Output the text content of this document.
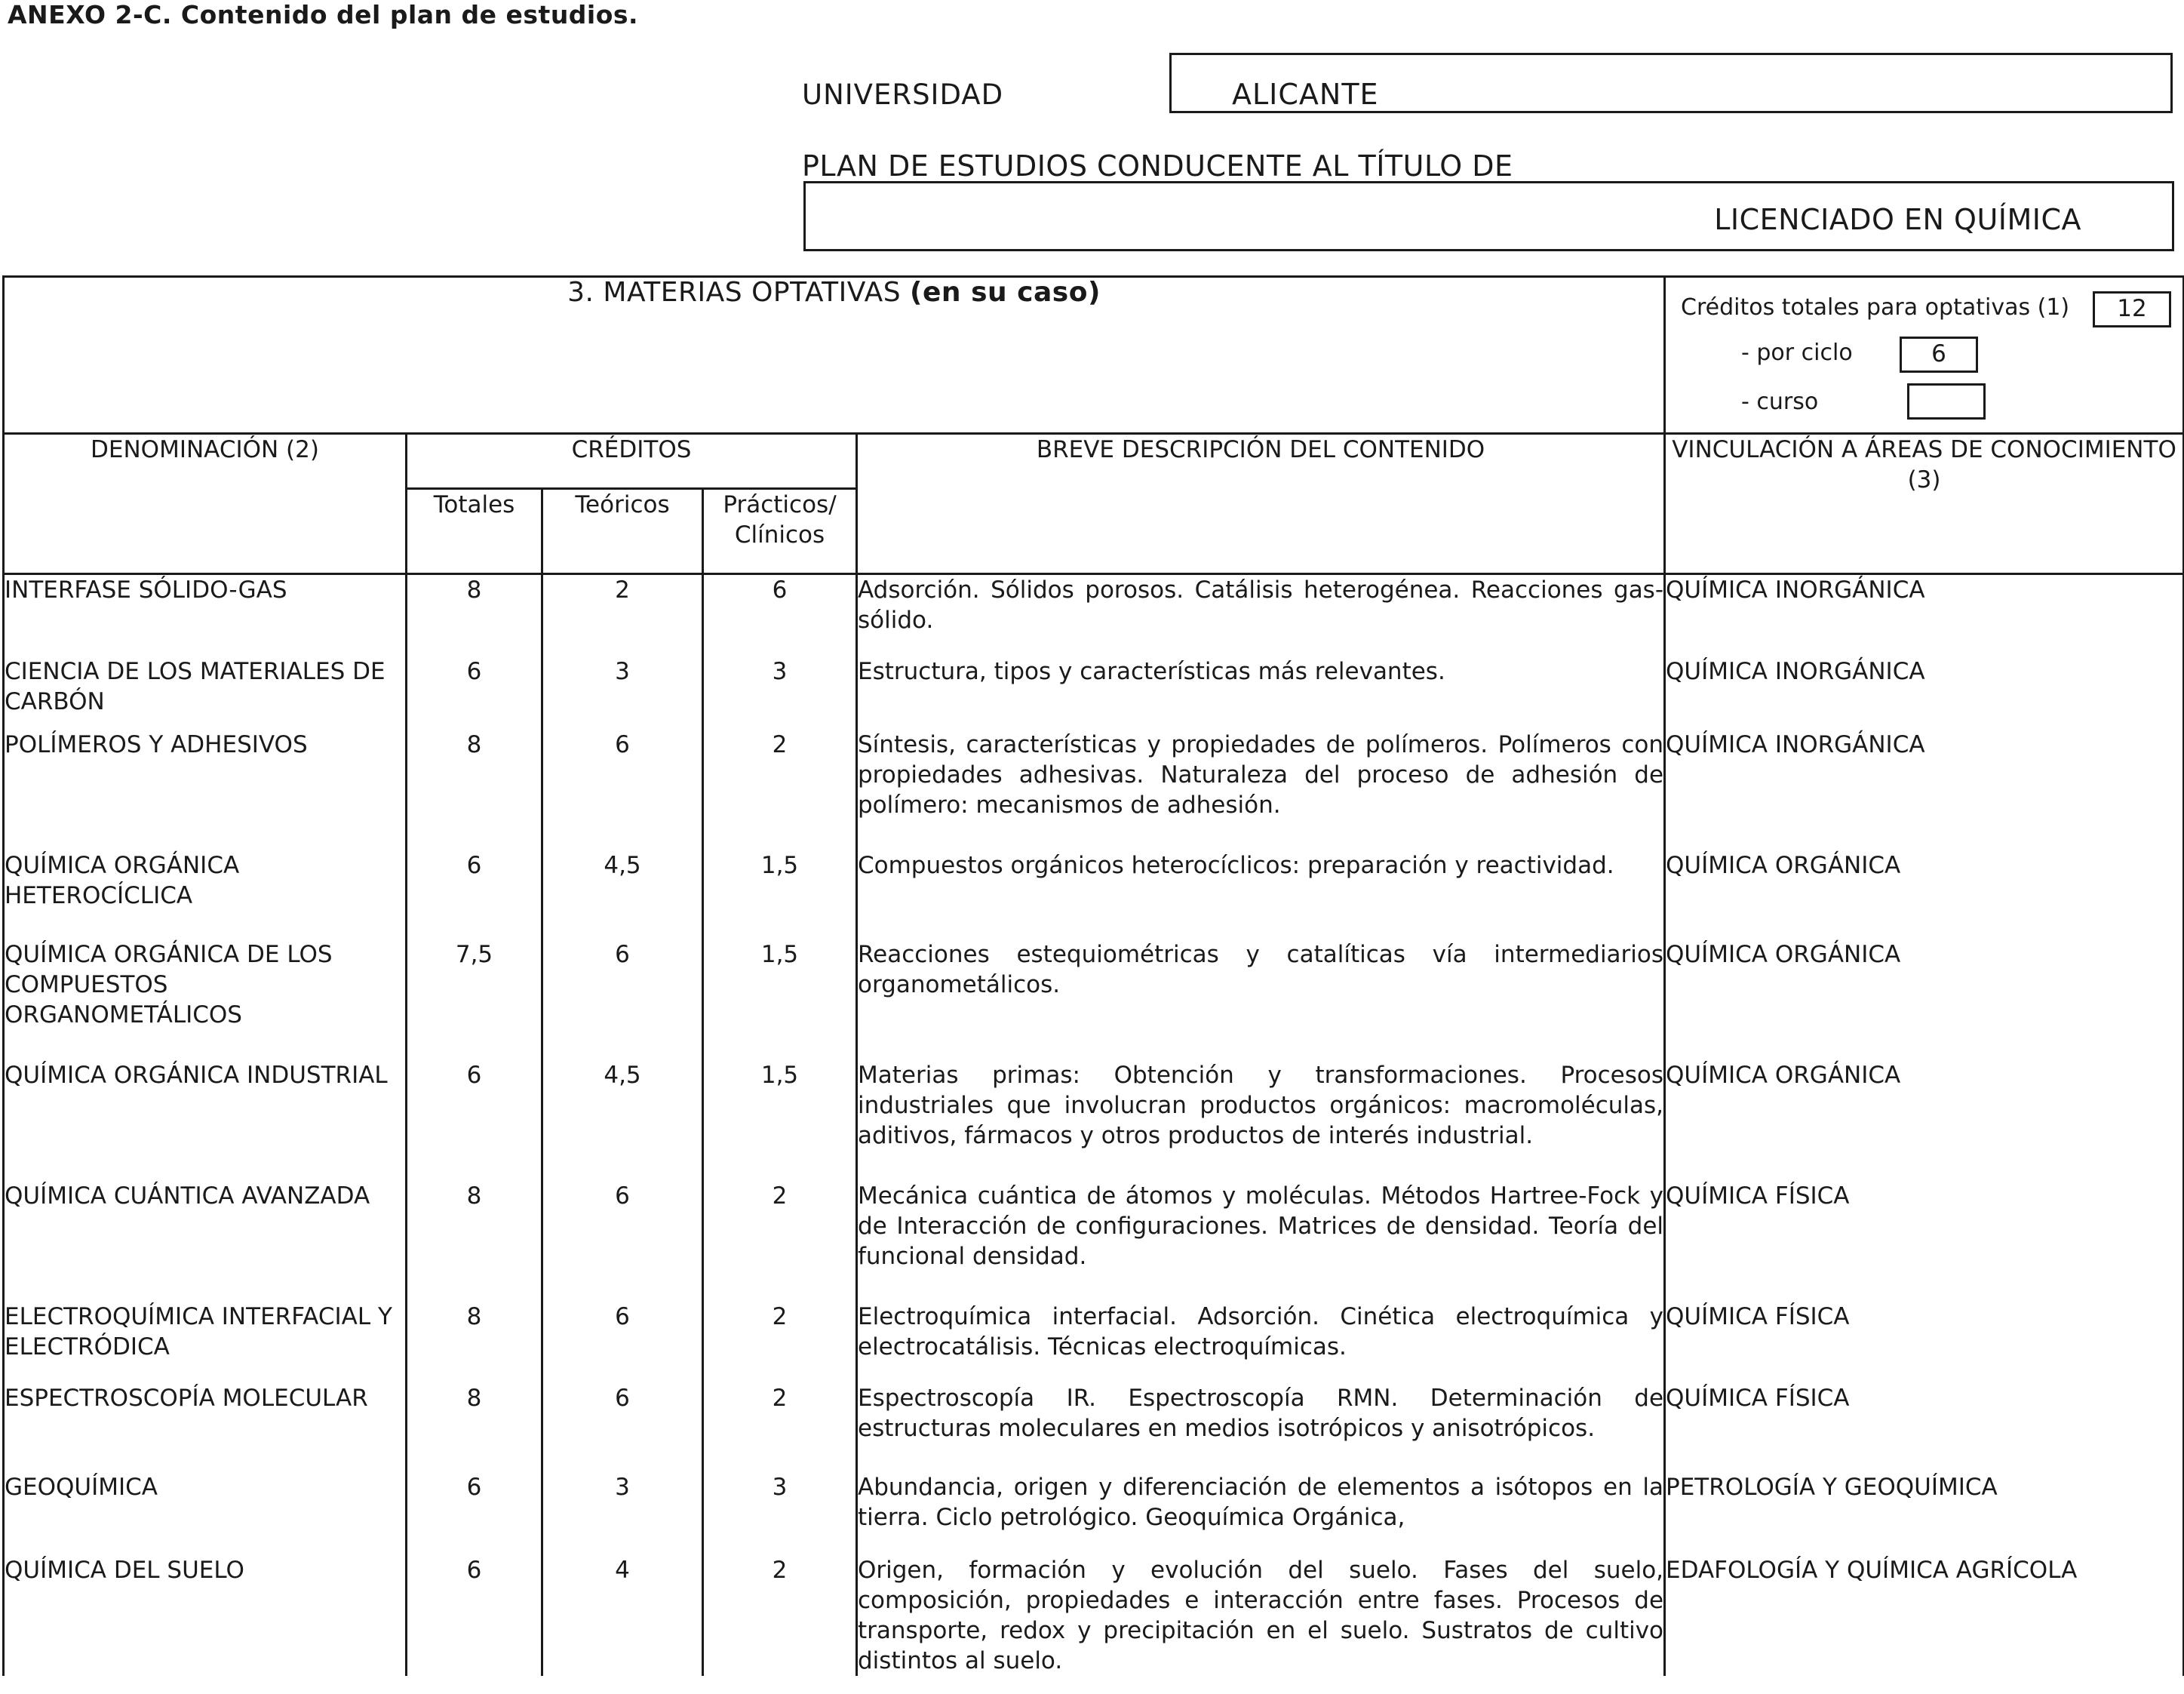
ANEXO 2-C. Contenido del plan de estudios.
UNIVERSIDAD	ALICANTE
PLAN DE ESTUDIOS CONDUCENTE AL TÍTULO DE
LICENCIADO EN QUÍMICA
3. MATERIAS OPTATIVAS (en su caso)					Créditos totales para optativas (1) 12
- por ciclo 6
- curso

DENOMINACIÓN (2)	CRÉDITOS			BREVE DESCRIPCIÓN DEL CONTENIDO	VINCULACIÓN A ÁREAS DE CONOCIMIENTO (3)
	Totales	Teóricos	Prácticos/ Clínicos		
INTERFASE SÓLIDO-GAS	8	2	6	Adsorción. Sólidos porosos. Catálisis heterogénea. Reacciones gas-sólido.	QUÍMICA INORGÁNICA
CIENCIA DE LOS MATERIALES DE CARBÓN	6	3	3	Estructura, tipos y características más relevantes.	QUÍMICA INORGÁNICA
POLÍMEROS Y ADHESIVOS	8	6	2	Síntesis, características y propiedades de polímeros. Polímeros con propiedades adhesivas. Naturaleza del proceso de adhesión de polímero: mecanismos de adhesión.	QUÍMICA INORGÁNICA
QUÍMICA ORGÁNICA HETEROCÍCLICA	6	4,5	1,5	Compuestos orgánicos heterocíclicos: preparación y reactividad.	QUÍMICA ORGÁNICA
QUÍMICA ORGÁNICA DE LOS COMPUESTOS ORGANOMETÁLICOS	7,5	6	1,5	Reacciones estequiométricas y catalíticas vía intermediarios organometálicos.	QUÍMICA ORGÁNICA
QUÍMICA ORGÁNICA INDUSTRIAL	6	4,5	1,5	Materias primas: Obtención y transformaciones. Procesos industriales que involucran productos orgánicos: macromoléculas, aditivos, fármacos y otros productos de interés industrial.	QUÍMICA ORGÁNICA
QUÍMICA CUÁNTICA AVANZADA	8	6	2	Mecánica cuántica de átomos y moléculas. Métodos Hartree-Fock y de Interacción de configuraciones. Matrices de densidad. Teoría del funcional densidad.	QUÍMICA FÍSICA
ELECTROQUÍMICA INTERFACIAL Y ELECTRÓDICA	8	6	2	Electroquímica interfacial. Adsorción. Cinética electroquímica y electrocatálisis. Técnicas electroquímicas.	QUÍMICA FÍSICA
ESPECTROSCOPÍA MOLECULAR	8	6	2	Espectroscopía IR. Espectroscopía RMN. Determinación de estructuras moleculares en medios isotrópicos y anisotrópicos.	QUÍMICA FÍSICA
GEOQUÍMICA	6	3	3	Abundancia, origen y diferenciación de elementos a isótopos en la tierra. Ciclo petrológico. Geoquímica Orgánica,	PETROLOGÍA Y GEOQUÍMICA
QUÍMICA DEL SUELO	6	4	2	Origen, formación y evolución del suelo. Fases del suelo, composición, propiedades e interacción entre fases. Procesos de transporte, redox y precipitación en el suelo. Sustratos de cultivo distintos al suelo.	EDAFOLOGÍA Y QUÍMICA AGRÍCOLA
